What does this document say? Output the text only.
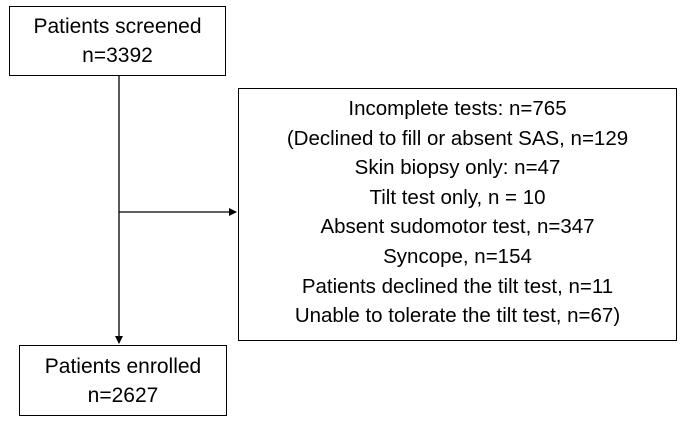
Patients screened
n=3392
Incomplete tests: n=765
(Declined to fill or absent SAS, n=129
Skin biopsy only: n=47
Tilt test only, n = 10
Absent sudomotor test, n=347
Syncope, n=154
Patients declined the tilt test, n=11
Unable to tolerate the tilt test, n=67)
Patients enrolled
n=2627
